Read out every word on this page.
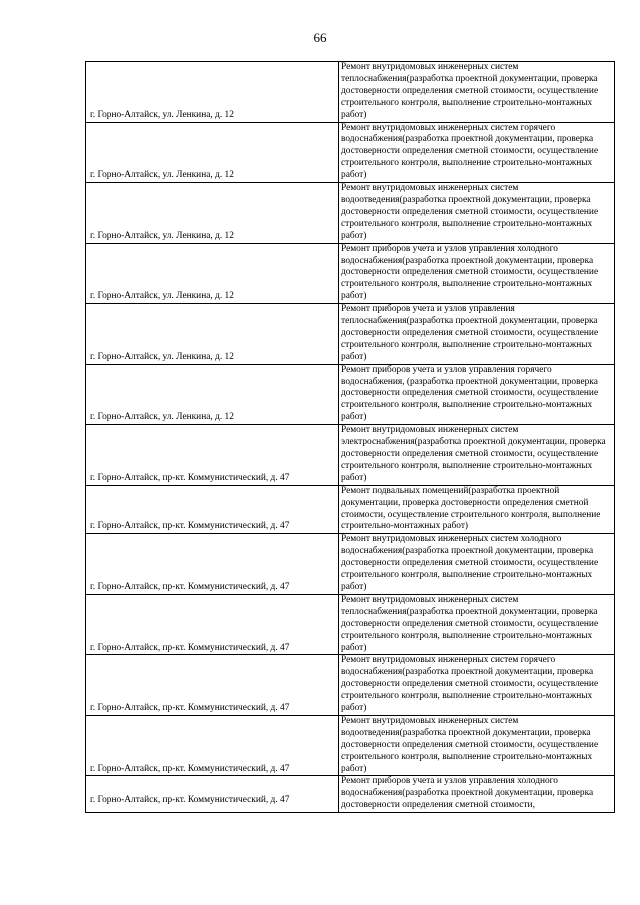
66
г. Горно-Алтайск, ул. Ленкина, д. 12	Ремонт внутридомовых инженерных систем теплоснабжения(разработка проектной документации, проверка достоверности определения сметной стоимости, осуществление строительного контроля, выполнение строительно-монтажных работ)
г. Горно-Алтайск, ул. Ленкина, д. 12	Ремонт внутридомовых инженерных систем горячего водоснабжения(разработка проектной документации, проверка достоверности определения сметной стоимости, осуществление строительного контроля, выполнение строительно-монтажных работ)
г. Горно-Алтайск, ул. Ленкина, д. 12	Ремонт внутридомовых инженерных систем водоотведения(разработка проектной документации, проверка достоверности определения сметной стоимости, осуществление строительного контроля, выполнение строительно-монтажных работ)
г. Горно-Алтайск, ул. Ленкина, д. 12	Ремонт приборов учета и узлов управления холодного водоснабжения(разработка проектной документации, проверка достоверности определения сметной стоимости, осуществление строительного контроля, выполнение строительно-монтажных работ)
г. Горно-Алтайск, ул. Ленкина, д. 12	Ремонт приборов учета и узлов управления теплоснабжения(разработка проектной документации, проверка достоверности определения сметной стоимости, осуществление строительного контроля, выполнение строительно-монтажных работ)
г. Горно-Алтайск, ул. Ленкина, д. 12	Ремонт приборов учета и узлов управления горячего водоснабжения, (разработка проектной документации, проверка достоверности определения сметной стоимости, осуществление строительного контроля, выполнение строительно-монтажных работ)
г. Горно-Алтайск, пр-кт. Коммунистический, д. 47	Ремонт внутридомовых инженерных систем электроснабжения(разработка проектной документации, проверка достоверности определения сметной стоимости, осуществление строительного контроля, выполнение строительно-монтажных работ)
г. Горно-Алтайск, пр-кт. Коммунистический, д. 47	Ремонт подвальных помещений(разработка проектной документации, проверка достоверности определения сметной стоимости, осуществление строительного контроля, выполнение строительно-монтажных работ)
г. Горно-Алтайск, пр-кт. Коммунистический, д. 47	Ремонт внутридомовых инженерных систем холодного водоснабжения(разработка проектной документации, проверка достоверности определения сметной стоимости, осуществление строительного контроля, выполнение строительно-монтажных работ)
г. Горно-Алтайск, пр-кт. Коммунистический, д. 47	Ремонт внутридомовых инженерных систем теплоснабжения(разработка проектной документации, проверка достоверности определения сметной стоимости, осуществление строительного контроля, выполнение строительно-монтажных работ)
г. Горно-Алтайск, пр-кт. Коммунистический, д. 47	Ремонт внутридомовых инженерных систем горячего водоснабжения(разработка проектной документации, проверка достоверности определения сметной стоимости, осуществление строительного контроля, выполнение строительно-монтажных работ)
г. Горно-Алтайск, пр-кт. Коммунистический, д. 47	Ремонт внутридомовых инженерных систем водоотведения(разработка проектной документации, проверка достоверности определения сметной стоимости, осуществление строительного контроля, выполнение строительно-монтажных работ)
г. Горно-Алтайск, пр-кт. Коммунистический, д. 47	Ремонт приборов учета и узлов управления холодного водоснабжения(разработка проектной документации, проверка достоверности определения сметной стоимости,
